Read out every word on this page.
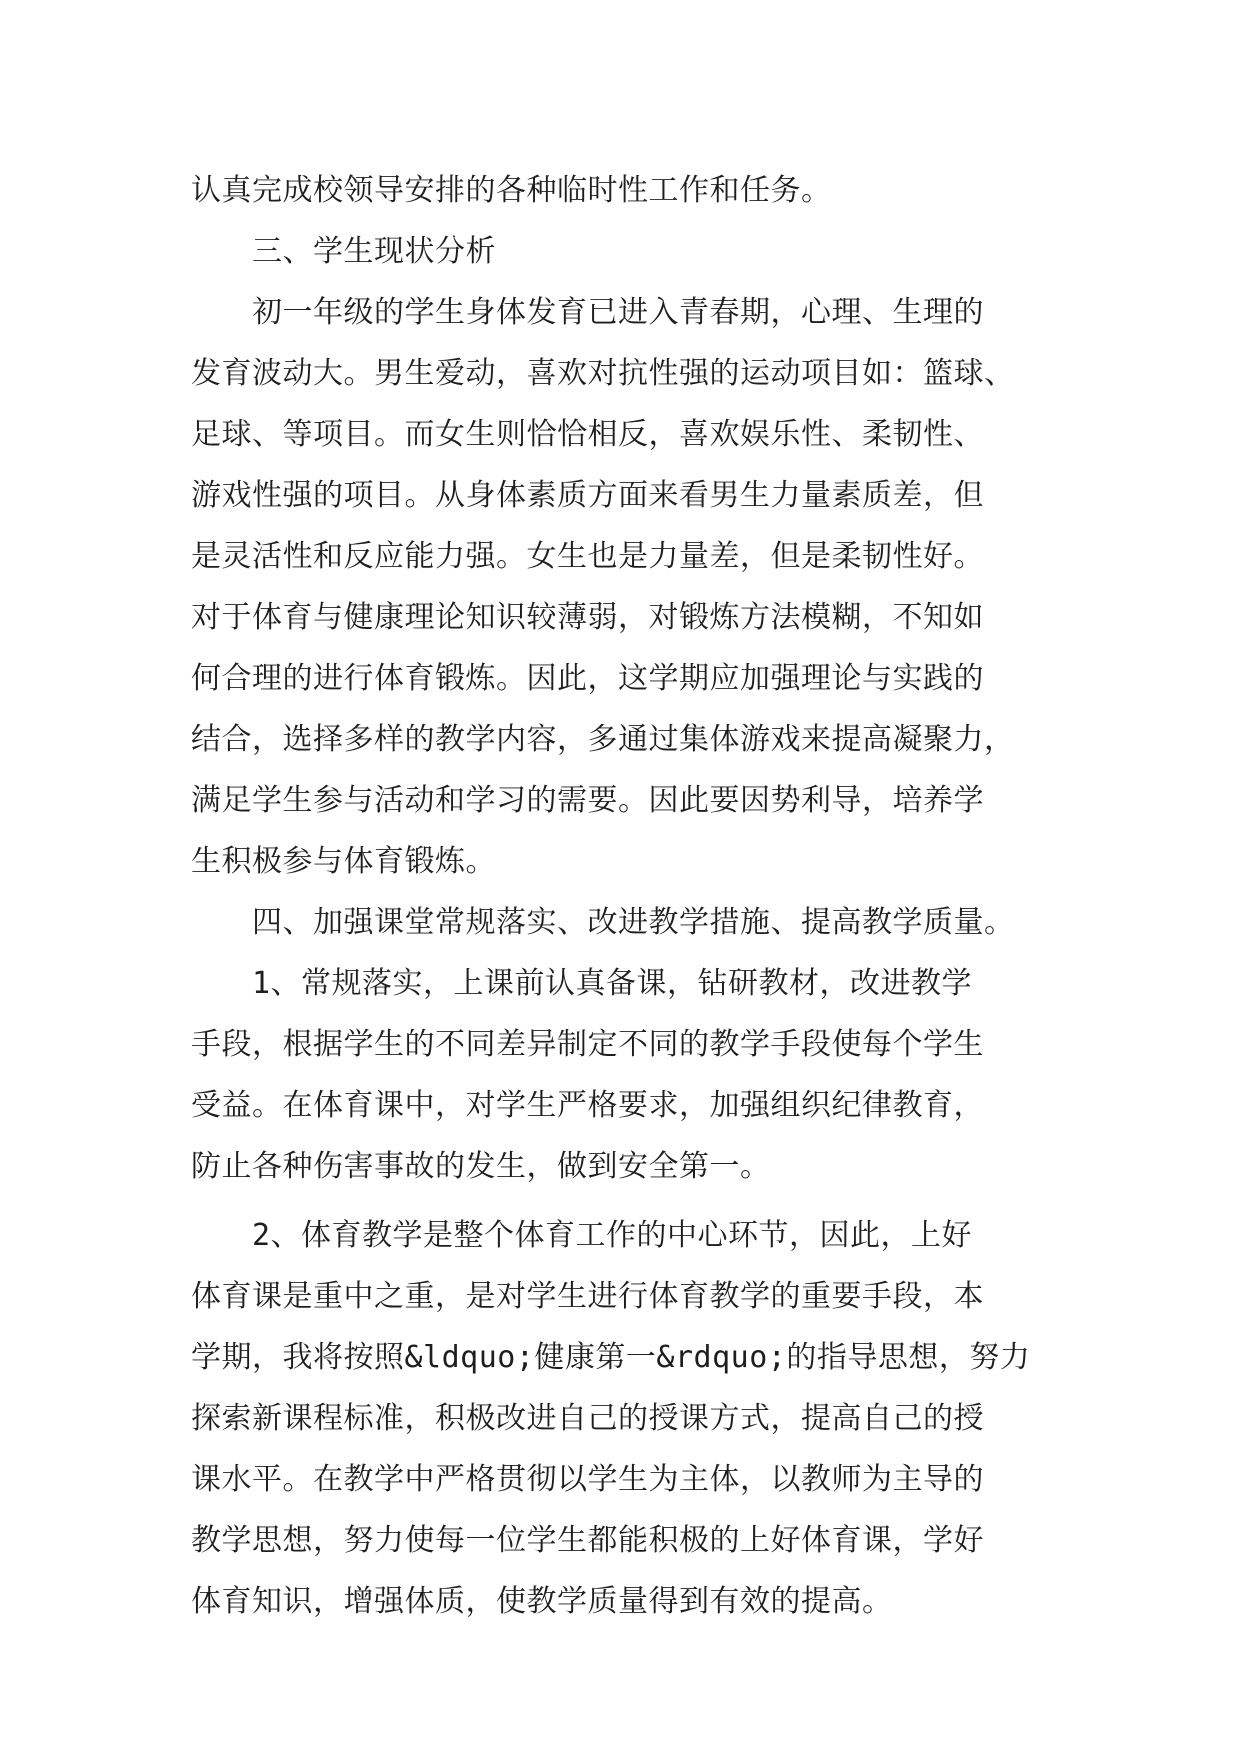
认真完成校领导安排的各种临时性工作和任务。
　　三、学生现状分析
　　初一年级的学生身体发育已进入青春期，心理、生理的
发育波动大。男生爱动，喜欢对抗性强的运动项目如：篮球、
足球、等项目。而女生则恰恰相反，喜欢娱乐性、柔韧性、
游戏性强的项目。从身体素质方面来看男生力量素质差，但
是灵活性和反应能力强。女生也是力量差，但是柔韧性好。
对于体育与健康理论知识较薄弱，对锻炼方法模糊，不知如
何合理的进行体育锻炼。因此，这学期应加强理论与实践的
结合，选择多样的教学内容，多通过集体游戏来提高凝聚力，
满足学生参与活动和学习的需要。因此要因势利导，培养学
生积极参与体育锻炼。
　　四、加强课堂常规落实、改进教学措施、提高教学质量。
　　1、常规落实，上课前认真备课，钻研教材，改进教学
手段，根据学生的不同差异制定不同的教学手段使每个学生
受益。在体育课中，对学生严格要求，加强组织纪律教育，
防止各种伤害事故的发生，做到安全第一。
　　2、体育教学是整个体育工作的中心环节，因此，上好
体育课是重中之重，是对学生进行体育教学的重要手段，本
学期，我将按照&ldquo;健康第一&rdquo;的指导思想，努力
探索新课程标准，积极改进自己的授课方式，提高自己的授
课水平。在教学中严格贯彻以学生为主体，以教师为主导的
教学思想，努力使每一位学生都能积极的上好体育课，学好
体育知识，增强体质，使教学质量得到有效的提高。
